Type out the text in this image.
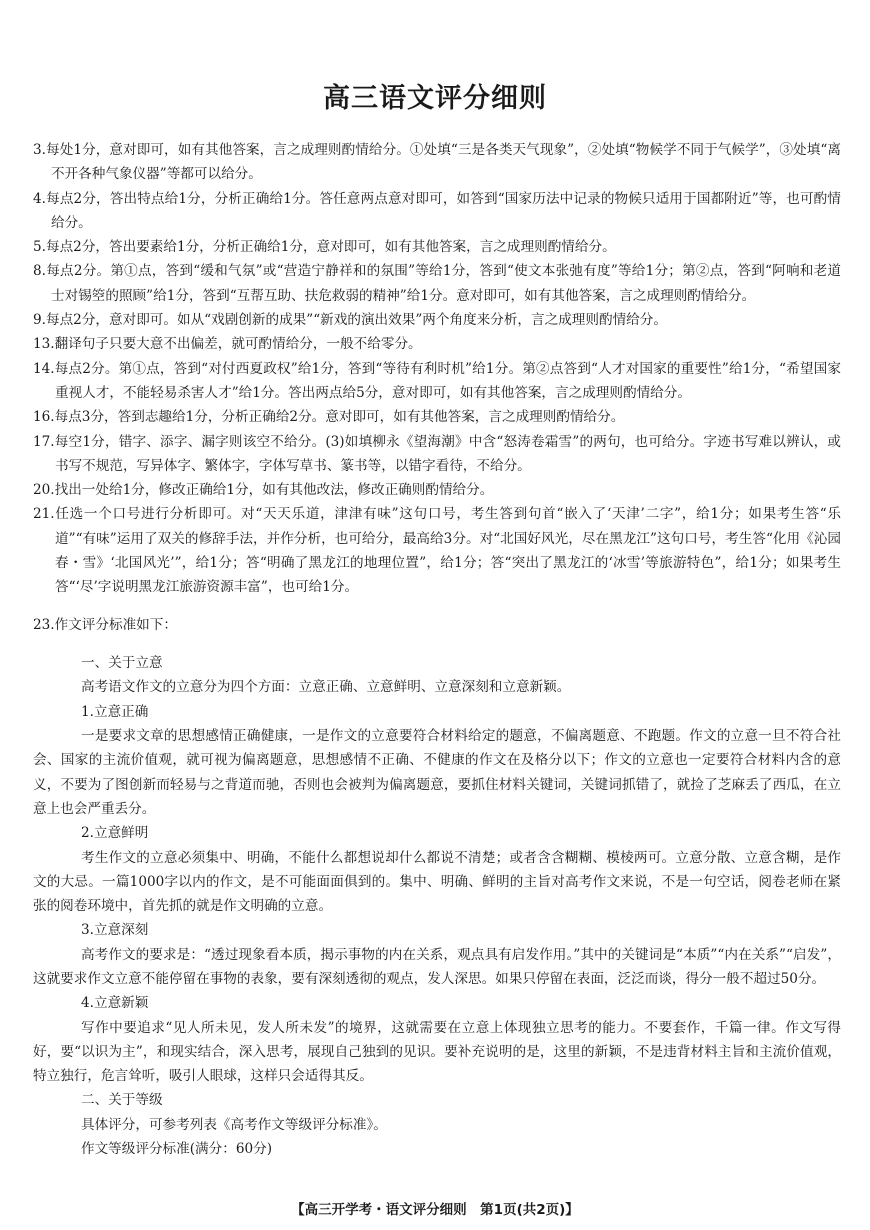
高三语文评分细则

3.每处1分，意对即可，如有其他答案，言之成理则酌情给分。①处填“三是各类天气现象”，②处填“物候学不同于气候学”，③处填“离不开各种气象仪器”等都可以给分。

4.每点2分，答出特点给1分，分析正确给1分。答任意两点意对即可，如答到“国家历法中记录的物候只适用于国都附近”等，也可酌情给分。

5.每点2分，答出要素给1分，分析正确给1分，意对即可，如有其他答案，言之成理则酌情给分。

8.每点2分。第①点，答到“缓和气氛”或“营造宁静祥和的氛围”等给1分，答到“使文本张弛有度”等给1分；第②点，答到“阿响和老道士对锡箜的照顾”给1分，答到“互帮互助、扶危救弱的精神”给1分。意对即可，如有其他答案，言之成理则酌情给分。

9.每点2分，意对即可。如从“戏剧创新的成果”“新戏的演出效果”两个角度来分析，言之成理则酌情给分。

13.翻译句子只要大意不出偏差，就可酌情给分，一般不给零分。

14.每点2分。第①点，答到“对付西夏政权”给1分，答到“等待有利时机”给1分。第②点答到“人才对国家的重要性”给1分，“希望国家重视人才，不能轻易杀害人才”给1分。答出两点给5分，意对即可，如有其他答案，言之成理则酌情给分。

16.每点3分，答到志趣给1分，分析正确给2分。意对即可，如有其他答案，言之成理则酌情给分。

17.每空1分，错字、添字、漏字则该空不给分。(3)如填柳永《望海潮》中含“怒涛卷霜雪”的两句，也可给分。字迹书写难以辨认，或书写不规范，写异体字、繁体字，字体写草书、篆书等，以错字看待，不给分。

20.找出一处给1分，修改正确给1分，如有其他改法，修改正确则酌情给分。

21.任选一个口号进行分析即可。对“天天乐道，津津有味”这句口号，考生答到句首“嵌入了‘天津’二字”，给1分；如果考生答“乐道”“有味”运用了双关的修辞手法，并作分析，也可给分，最高给3分。对“北国好风光，尽在黑龙江”这句口号，考生答“化用《沁园春・雪》‘北国风光’”，给1分；答“明确了黑龙江的地理位置”，给1分；答“突出了黑龙江的‘冰雪’等旅游特色”，给1分；如果考生答“‘尽’字说明黑龙江旅游资源丰富”，也可给1分。

23.作文评分标准如下：

一、关于立意

高考语文作文的立意分为四个方面：立意正确、立意鲜明、立意深刻和立意新颖。

1.立意正确

一是要求文章的思想感情正确健康，一是作文的立意要符合材料给定的题意，不偏离题意、不跑题。作文的立意一旦不符合社会、国家的主流价值观，就可视为偏离题意，思想感情不正确、不健康的作文在及格分以下；作文的立意也一定要符合材料内含的意义，不要为了图创新而轻易与之背道而驰，否则也会被判为偏离题意，要抓住材料关键词，关键词抓错了，就捡了芝麻丢了西瓜，在立意上也会严重丢分。

2.立意鲜明

考生作文的立意必须集中、明确，不能什么都想说却什么都说不清楚；或者含含糊糊、模棱两可。立意分散、立意含糊，是作文的大忌。一篇1000字以内的作文，是不可能面面俱到的。集中、明确、鲜明的主旨对高考作文来说，不是一句空话，阅卷老师在紧张的阅卷环境中，首先抓的就是作文明确的立意。

3.立意深刻

高考作文的要求是：“透过现象看本质，揭示事物的内在关系，观点具有启发作用。”其中的关键词是“本质”“内在关系”“启发”，这就要求作文立意不能停留在事物的表象，要有深刻透彻的观点，发人深思。如果只停留在表面，泛泛而谈，得分一般不超过50分。

4.立意新颖

写作中要追求“见人所未见，发人所未发”的境界，这就需要在立意上体现独立思考的能力。不要套作，千篇一律。作文写得好，要“以识为主”，和现实结合，深入思考，展现自己独到的见识。要补充说明的是，这里的新颖，不是违背材料主旨和主流价值观，特立独行，危言耸听，吸引人眼球，这样只会适得其反。

二、关于等级

具体评分，可参考列表《高考作文等级评分标准》。

作文等级评分标准(满分：60分)

【高三开学考・语文评分细则　第1页(共2页)】
